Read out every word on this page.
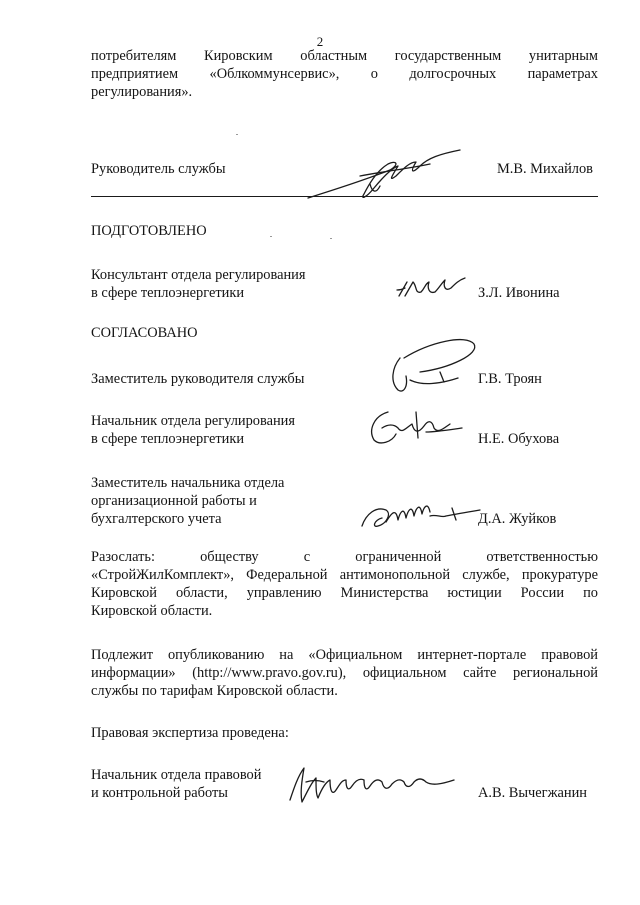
2
потребителям Кировским областным государственным унитарным
предприятием «Облкоммунсервис», о долгосрочных параметрах
регулирования».
Руководитель службы	М.В. Михайлов
ПОДГОТОВЛЕНО
Консультант отдела регулирования
в сфере теплоэнергетики	З.Л. Ивонина
СОГЛАСОВАНО
Заместитель руководителя службы	Г.В. Троян
Начальник отдела регулирования
в сфере теплоэнергетики	Н.Е. Обухова
Заместитель начальника отдела
организационной работы и
бухгалтерского учета	Д.А. Жуйков
Разослать: обществу с ограниченной ответственностью
«СтройЖилКомплект», Федеральной антимонопольной службе, прокуратуре
Кировской области, управлению Министерства юстиции России по
Кировской области.
Подлежит опубликованию на «Официальном интернет-портале правовой
информации» (http://www.pravo.gov.ru), официальном сайте региональной
службы по тарифам Кировской области.
Правовая экспертиза проведена:
Начальник отдела правовой
и контрольной работы	А.В. Вычегжанин
